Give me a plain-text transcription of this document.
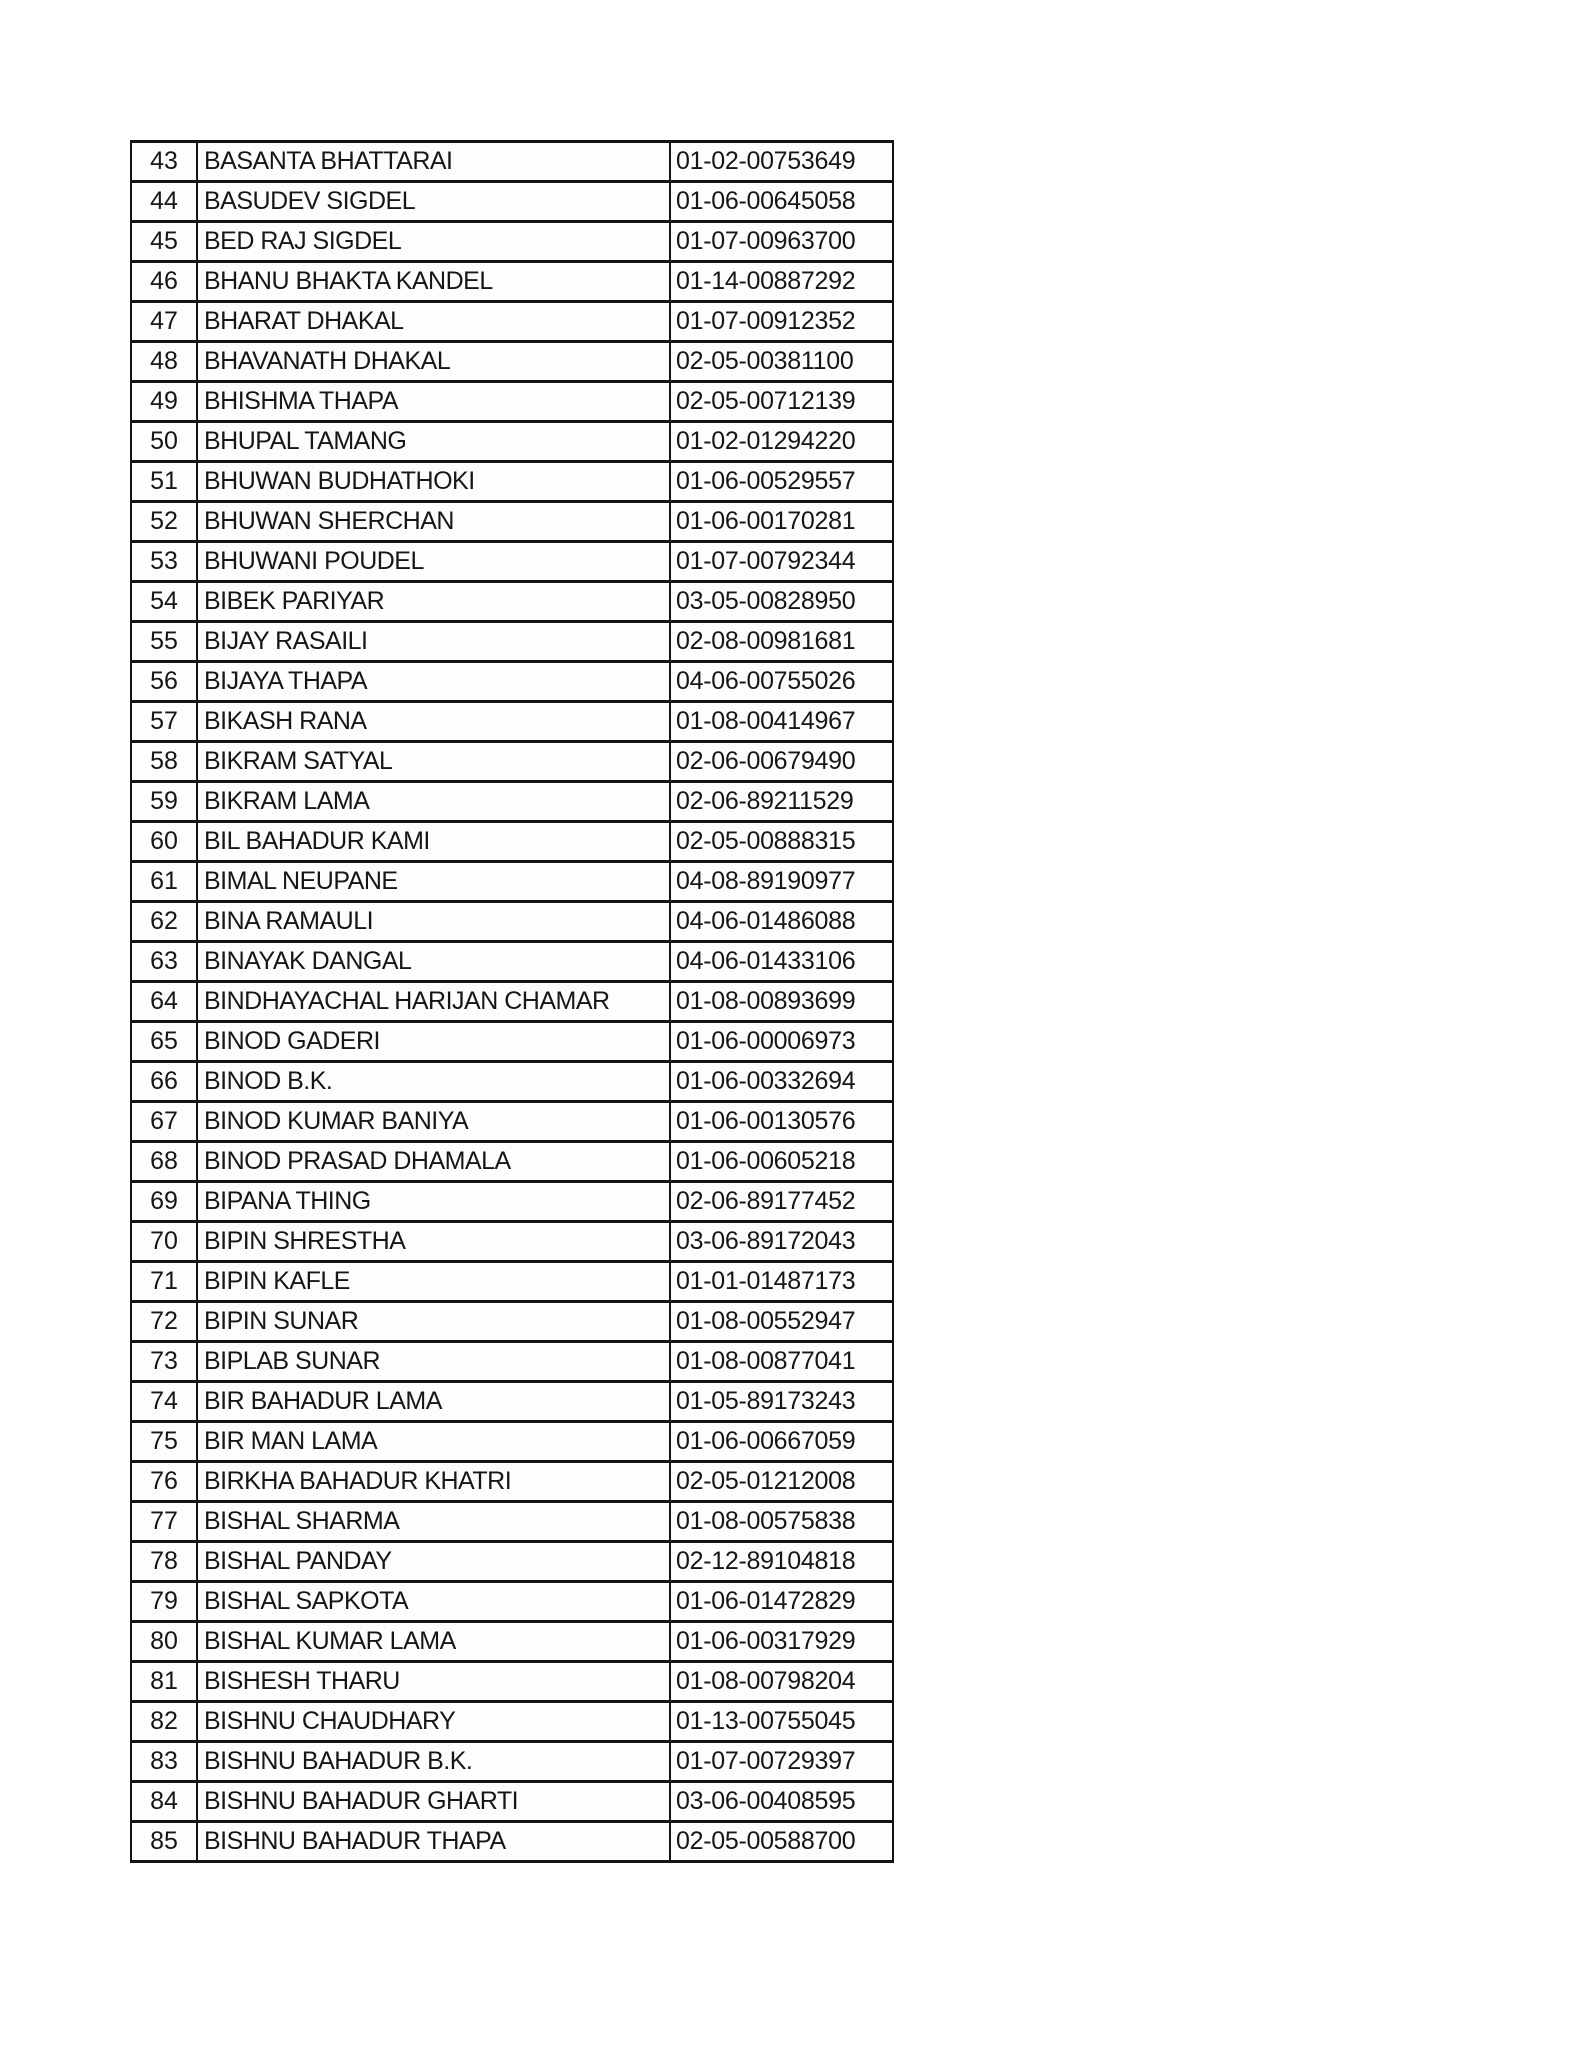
43	BASANTA BHATTARAI	01-02-00753649
44	BASUDEV SIGDEL	01-06-00645058
45	BED RAJ SIGDEL	01-07-00963700
46	BHANU BHAKTA KANDEL	01-14-00887292
47	BHARAT DHAKAL	01-07-00912352
48	BHAVANATH DHAKAL	02-05-00381100
49	BHISHMA THAPA	02-05-00712139
50	BHUPAL TAMANG	01-02-01294220
51	BHUWAN BUDHATHOKI	01-06-00529557
52	BHUWAN SHERCHAN	01-06-00170281
53	BHUWANI POUDEL	01-07-00792344
54	BIBEK PARIYAR	03-05-00828950
55	BIJAY RASAILI	02-08-00981681
56	BIJAYA THAPA	04-06-00755026
57	BIKASH RANA	01-08-00414967
58	BIKRAM SATYAL	02-06-00679490
59	BIKRAM LAMA	02-06-89211529
60	BIL BAHADUR KAMI	02-05-00888315
61	BIMAL NEUPANE	04-08-89190977
62	BINA RAMAULI	04-06-01486088
63	BINAYAK DANGAL	04-06-01433106
64	BINDHAYACHAL HARIJAN CHAMAR	01-08-00893699
65	BINOD GADERI	01-06-00006973
66	BINOD B.K.	01-06-00332694
67	BINOD KUMAR BANIYA	01-06-00130576
68	BINOD PRASAD DHAMALA	01-06-00605218
69	BIPANA THING	02-06-89177452
70	BIPIN SHRESTHA	03-06-89172043
71	BIPIN KAFLE	01-01-01487173
72	BIPIN SUNAR	01-08-00552947
73	BIPLAB SUNAR	01-08-00877041
74	BIR BAHADUR LAMA	01-05-89173243
75	BIR MAN LAMA	01-06-00667059
76	BIRKHA BAHADUR KHATRI	02-05-01212008
77	BISHAL SHARMA	01-08-00575838
78	BISHAL PANDAY	02-12-89104818
79	BISHAL SAPKOTA	01-06-01472829
80	BISHAL KUMAR LAMA	01-06-00317929
81	BISHESH THARU	01-08-00798204
82	BISHNU CHAUDHARY	01-13-00755045
83	BISHNU BAHADUR B.K.	01-07-00729397
84	BISHNU BAHADUR GHARTI	03-06-00408595
85	BISHNU BAHADUR THAPA	02-05-00588700
